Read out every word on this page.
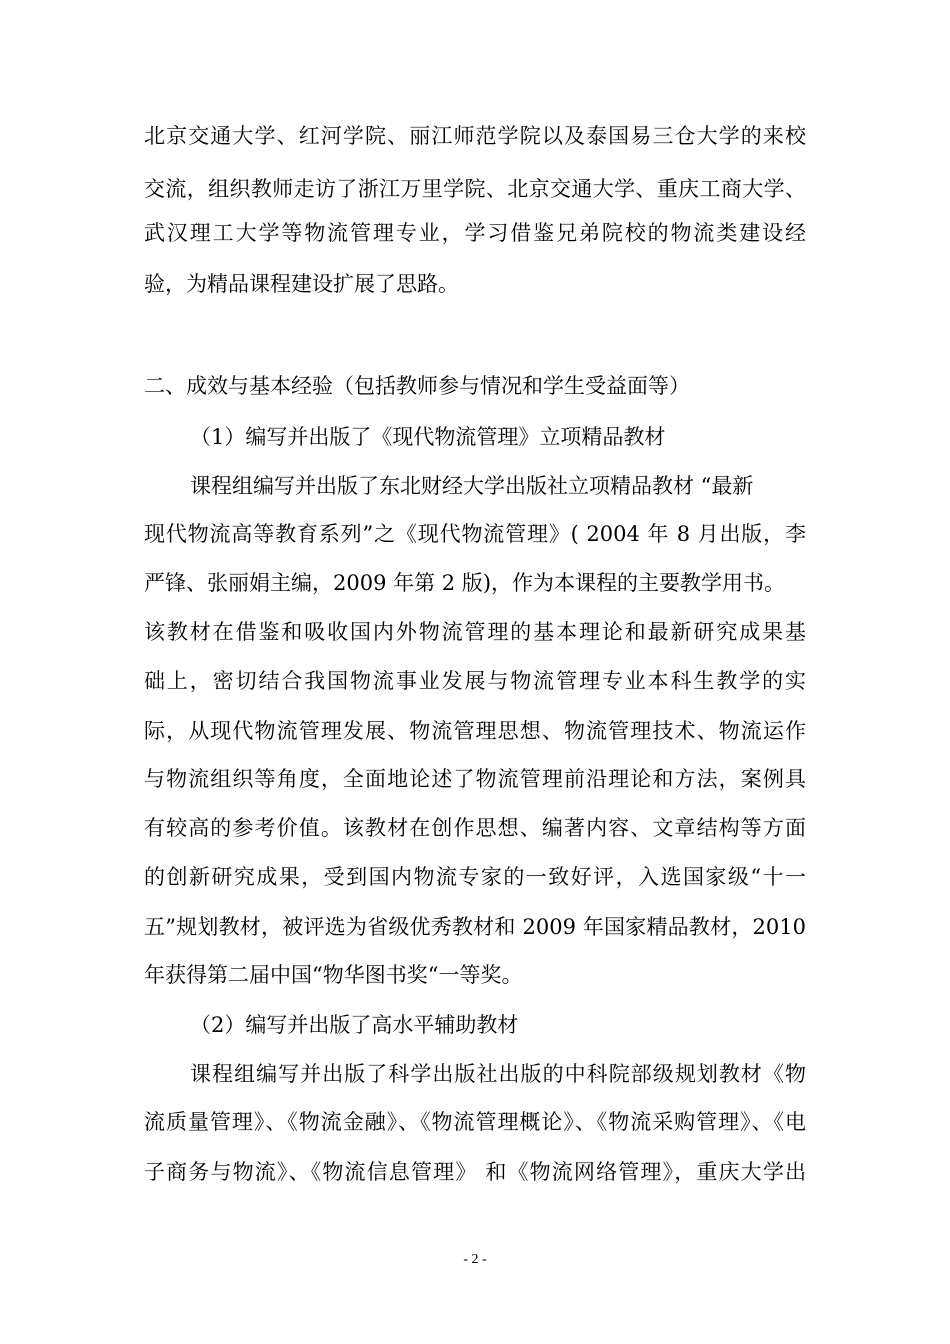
北京交通大学、红河学院、丽江师范学院以及泰国易三仓大学的来校
交流，组织教师走访了浙江万里学院、北京交通大学、重庆工商大学、
武汉理工大学等物流管理专业，学习借鉴兄弟院校的物流类建设经
验，为精品课程建设扩展了思路。
二、成效与基本经验（包括教师参与情况和学生受益面等）
（1）编写并出版了《现代物流管理》立项精品教材
课程组编写并出版了东北财经大学出版社立项精品教材 “最新
现代物流高等教育系列”之《现代物流管理》( 2004 年 8 月出版，李
严锋、张丽娟主编，2009 年第 2 版)，作为本课程的主要教学用书。
该教材在借鉴和吸收国内外物流管理的基本理论和最新研究成果基
础上，密切结合我国物流事业发展与物流管理专业本科生教学的实
际，从现代物流管理发展、物流管理思想、物流管理技术、物流运作
与物流组织等角度，全面地论述了物流管理前沿理论和方法，案例具
有较高的参考价值。该教材在创作思想、编著内容、文章结构等方面
的创新研究成果，受到国内物流专家的一致好评，入选国家级“十一
五”规划教材，被评选为省级优秀教材和 2009 年国家精品教材，2010
年获得第二届中国“物华图书奖“一等奖。
（2）编写并出版了高水平辅助教材
课程组编写并出版了科学出版社出版的中科院部级规划教材《物
流质量管理》、《物流金融》、《物流管理概论》、《物流采购管理》、《电
子商务与物流》、《物流信息管理》 和《物流网络管理》，重庆大学出
- 2 -
